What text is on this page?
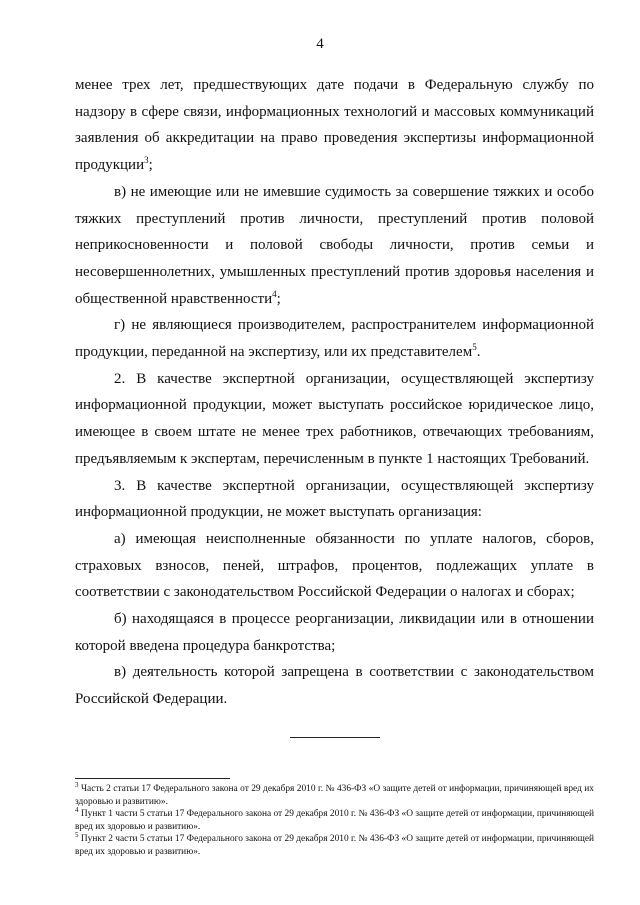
4

менее трех лет, предшествующих дате подачи в Федеральную службу по надзору в сфере связи, информационных технологий и массовых коммуникаций заявления об аккредитации на право проведения экспертизы информационной продукции$^3$;

в) не имеющие или не имевшие судимость за совершение тяжких и особо тяжких преступлений против личности, преступлений против половой неприкосновенности и половой свободы личности, против семьи и несовершеннолетних, умышленных преступлений против здоровья населения и общественной нравственности$^4$;

г) не являющиеся производителем, распространителем информационной продукции, переданной на экспертизу, или их представителем$^5$.

2. В качестве экспертной организации, осуществляющей экспертизу информационной продукции, может выступать российское юридическое лицо, имеющее в своем штате не менее трех работников, отвечающих требованиям, предъявляемым к экспертам, перечисленным в пункте 1 настоящих Требований.

3. В качестве экспертной организации, осуществляющей экспертизу информационной продукции, не может выступать организация:

а) имеющая неисполненные обязанности по уплате налогов, сборов, страховых взносов, пеней, штрафов, процентов, подлежащих уплате в соответствии с законодательством Российской Федерации о налогах и сборах;

б) находящаяся в процессе реорганизации, ликвидации или в отношении которой введена процедура банкротства;

в) деятельность которой запрещена в соответствии с законодательством Российской Федерации.

$^3$ Часть 2 статьи 17 Федерального закона от 29 декабря 2010 г. № 436-ФЗ «О защите детей от информации, причиняющей вред их здоровью и развитию».

$^4$ Пункт 1 части 5 статьи 17 Федерального закона от 29 декабря 2010 г. № 436-ФЗ «О защите детей от информации, причиняющей вред их здоровью и развитию».

$^5$ Пункт 2 части 5 статьи 17 Федерального закона от 29 декабря 2010 г. № 436-ФЗ «О защите детей от информации, причиняющей вред их здоровью и развитию».
